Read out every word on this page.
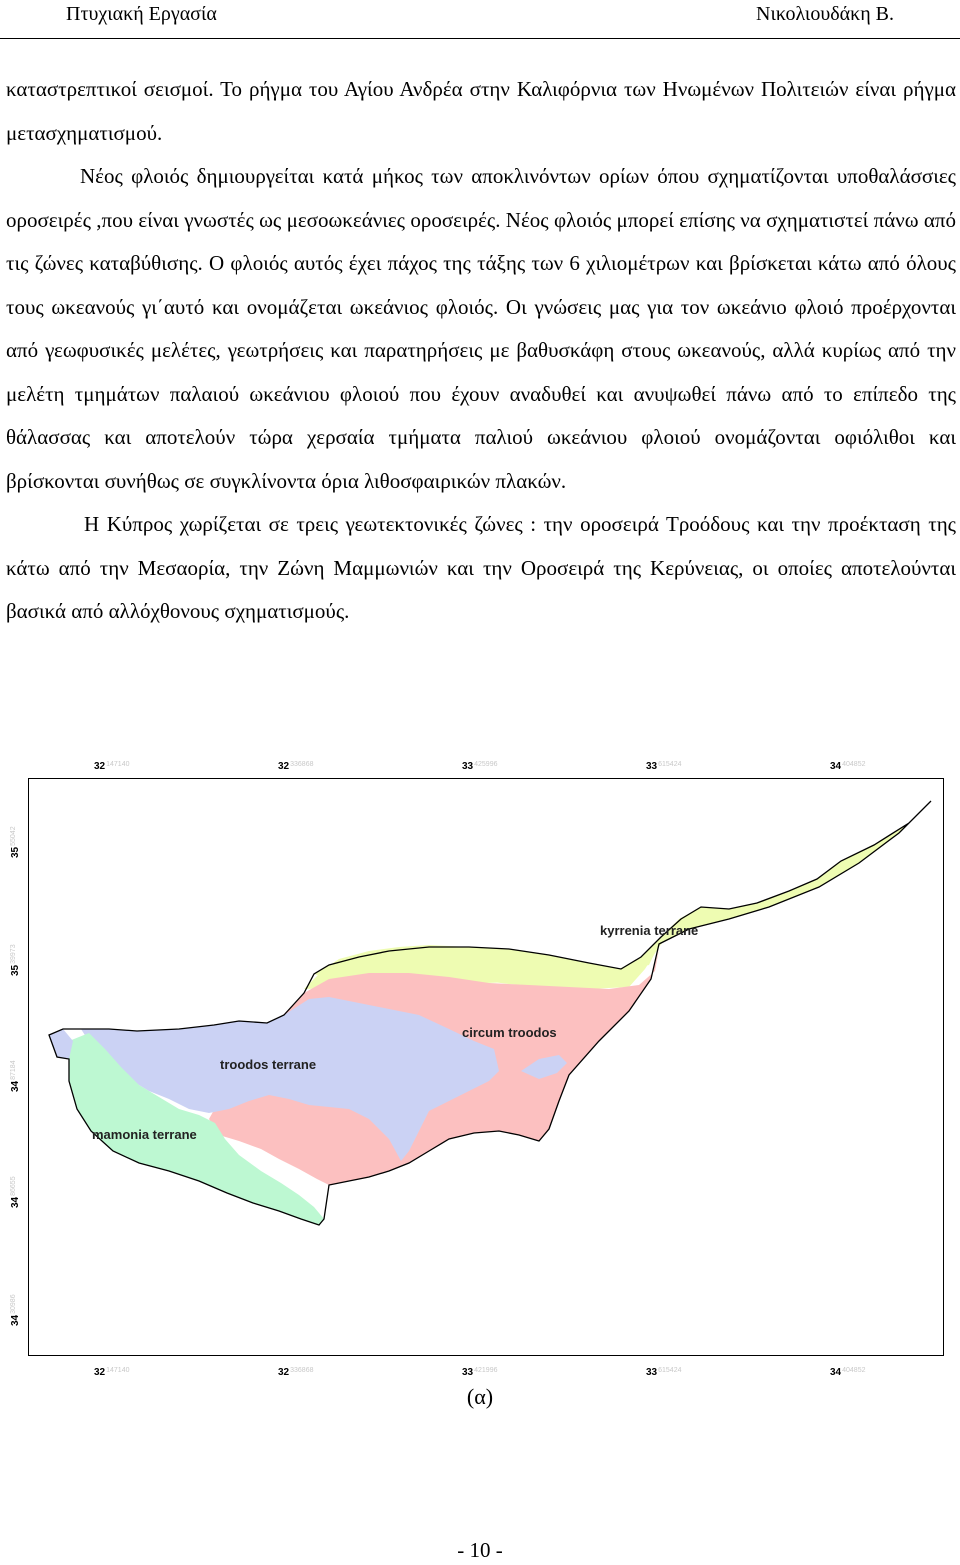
Πτυχιακή Εργασία	Νικολιουδάκη Β.

καταστρεπτικοί σεισμοί. Το ρήγμα του Αγίου Ανδρέα στην Καλιφόρνια των Ηνωμένων Πολιτειών είναι ρήγμα μετασχηματισμού.

Νέος φλοιός δημιουργείται κατά μήκος των αποκλινόντων ορίων όπου σχηματίζονται υποθαλάσσιες οροσειρές ,που είναι γνωστές ως μεσοωκεάνιες οροσειρές. Νέος φλοιός μπορεί επίσης να σχηματιστεί πάνω από τις ζώνες καταβύθισης. Ο φλοιός αυτός έχει πάχος της τάξης των 6 χιλιομέτρων και βρίσκεται κάτω από όλους τους ωκεανούς γι΄αυτό και ονομάζεται ωκεάνιος φλοιός. Οι γνώσεις μας για τον ωκεάνιο φλοιό προέρχονται από γεωφυσικές μελέτες, γεωτρήσεις και παρατηρήσεις με βαθυσκάφη στους ωκεανούς, αλλά κυρίως από την μελέτη τμημάτων παλαιού ωκεάνιου φλοιού που έχουν αναδυθεί και ανυψωθεί πάνω από το επίπεδο της θάλασσας και αποτελούν τώρα χερσαία τμήματα παλιού ωκεάνιου φλοιού ονομάζονται οφιόλιθοι και βρίσκονται συνήθως σε συγκλίνοντα όρια λιθοσφαιρικών πλακών.

Η Κύπρος χωρίζεται σε τρεις γεωτεκτονικές ζώνες : την οροσειρά Τροόδους και την προέκταση της κάτω από την Μεσαορία, την Ζώνη Μαμμωνιών και την Οροσειρά της Κερύνειας, οι οποίες αποτελούνται βασικά από αλλόχθονους σχηματισμούς.

$32^{147140}$	$32^{336868}$	$33^{425996}$	$33^{615424}$	$34^{404852}$
$35^{55042}$
$35^{39973}$
$34^{87184}$
$34^{86655}$
$34^{30986}$
kyrrenia terrane
circum troodos
troodos terrane
mamonia terrane
$32^{147140}$	$32^{336868}$	$33^{421996}$	$33^{615424}$	$34^{404852}$
(α)
- 10 -
